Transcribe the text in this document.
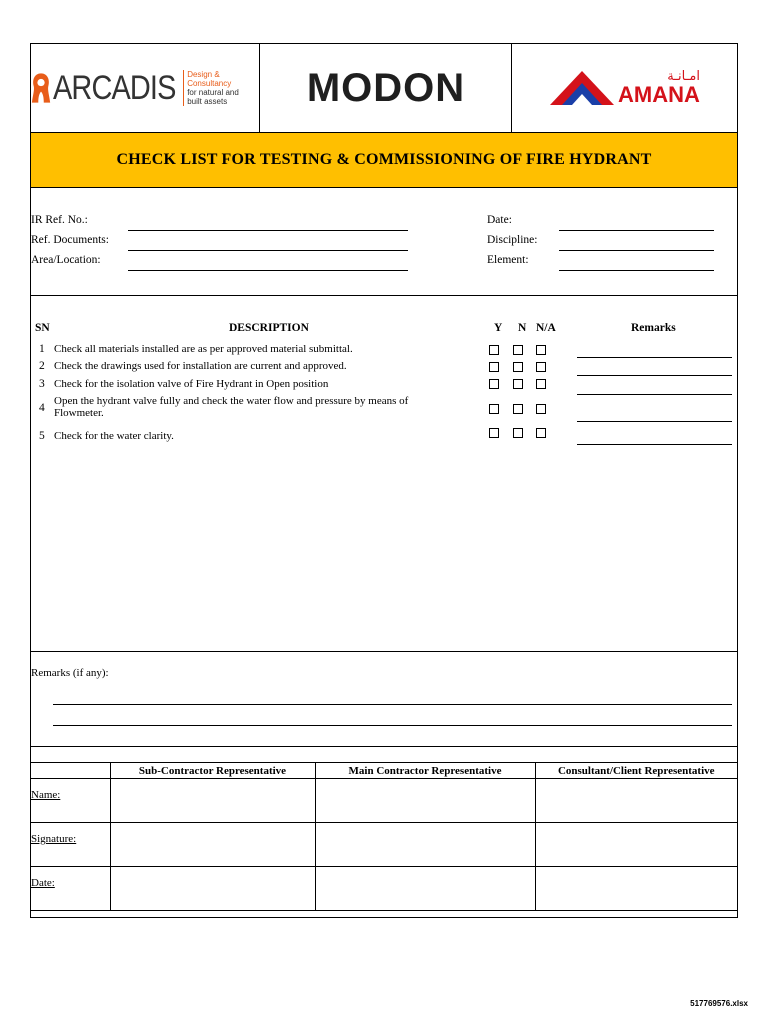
ARCADIS	Design & Consultancy
for natural and
built assets	MODON	امـانـة
AMANA
CHECK LIST FOR TESTING & COMMISSIONING OF FIRE HYDRANT
IR Ref. No.:
Ref. Documents:
Area/Location:
Date:
Discipline:
Element:
SN	DESCRIPTION	Y N N/A	Remarks
1 Check all materials installed are as per approved material submittal.
2 Check the drawings used for installation are current and approved.
3 Check for the isolation valve of Fire Hydrant in Open position
4
Open the hydrant valve fully and check the water flow and pressure by means of
Flowmeter.
5 Check for the water clarity.
Remarks (if any):
	Sub-Contractor Representative	Main Contractor Representative	Consultant/Client Representative
Name:			
Signature:			
Date:			
517769576.xlsx
